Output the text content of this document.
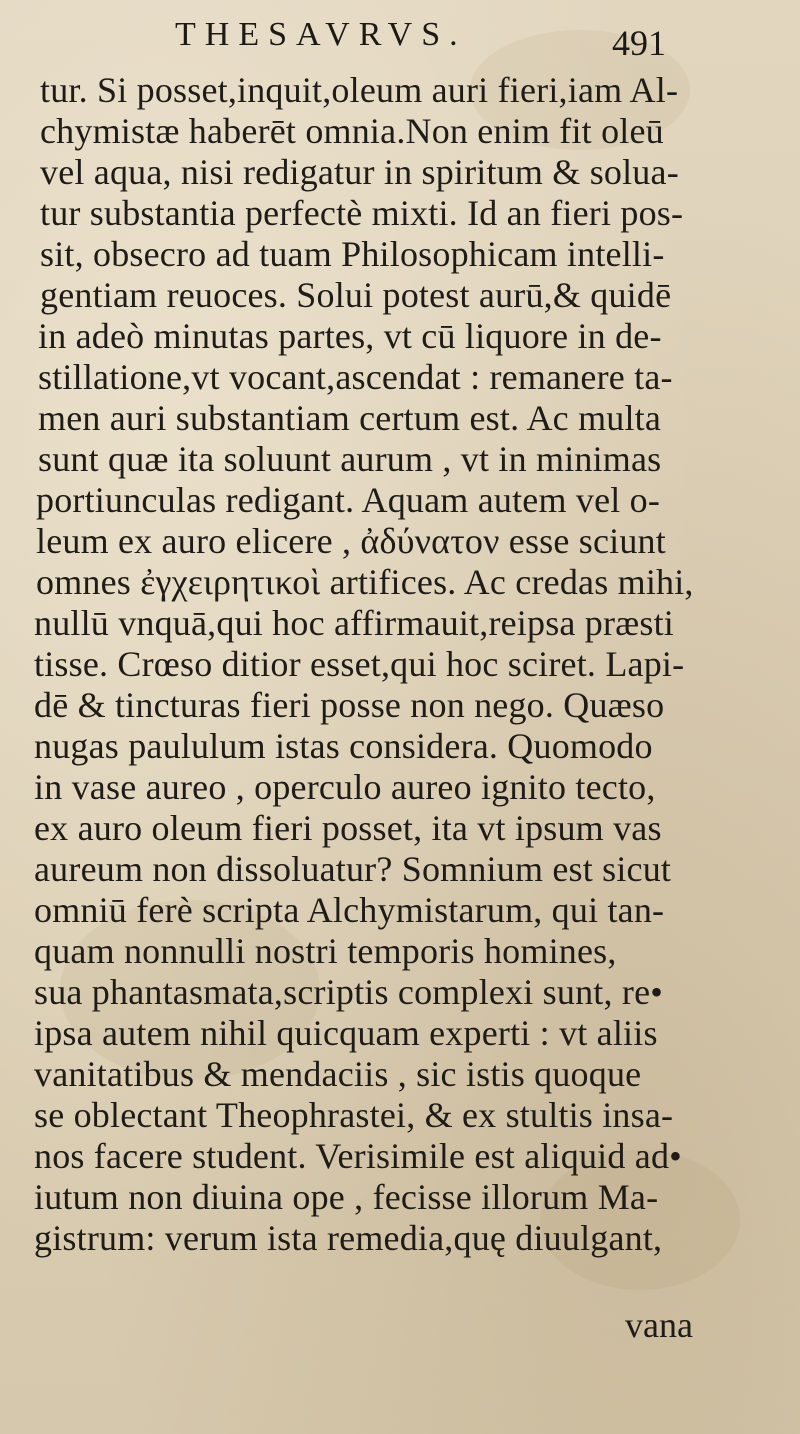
THESAVRVS.	491
tur. Si posset,inquit,oleum auri fieri,iam Al-
chymistæ haberēt omnia.Non enim fit oleū
vel aqua, nisi redigatur in spiritum & solua-
tur substantia perfectè mixti. Id an fieri pos-
sit, obsecro ad tuam Philosophicam intelli-
gentiam reuoces. Solui potest aurū,& quidē
in adeò minutas partes, vt cū liquore in de-
stillatione,vt vocant,ascendat : remanere ta-
men auri substantiam certum est. Ac multa
sunt quæ ita soluunt aurum , vt in minimas
portiunculas redigant. Aquam autem vel o-
leum ex auro elicere , ἀδύνατον esse sciunt
omnes ἐγχειρητικοὶ artifices. Ac credas mihi,
nullū vnquā,qui hoc affirmauit,reipsa præsti
tisse. Crœso ditior esset,qui hoc sciret. Lapi-
dē & tincturas fieri posse non nego. Quæso
nugas paululum istas considera. Quomodo
in vase aureo , operculo aureo ignito tecto,
ex auro oleum fieri posset, ita vt ipsum vas
aureum non dissoluatur? Somnium est sicut
omniū ferè scripta Alchymistarum, qui tan-
quam nonnulli nostri temporis homines,
sua phantasmata,scriptis complexi sunt, re•
ipsa autem nihil quicquam experti : vt aliis
vanitatibus & mendaciis , sic istis quoque
se oblectant Theophrastei, & ex stultis insa-
nos facere student. Verisimile est aliquid ad•
iutum non diuina ope , fecisse illorum Ma-
gistrum: verum ista remedia,quę diuulgant,
vana
